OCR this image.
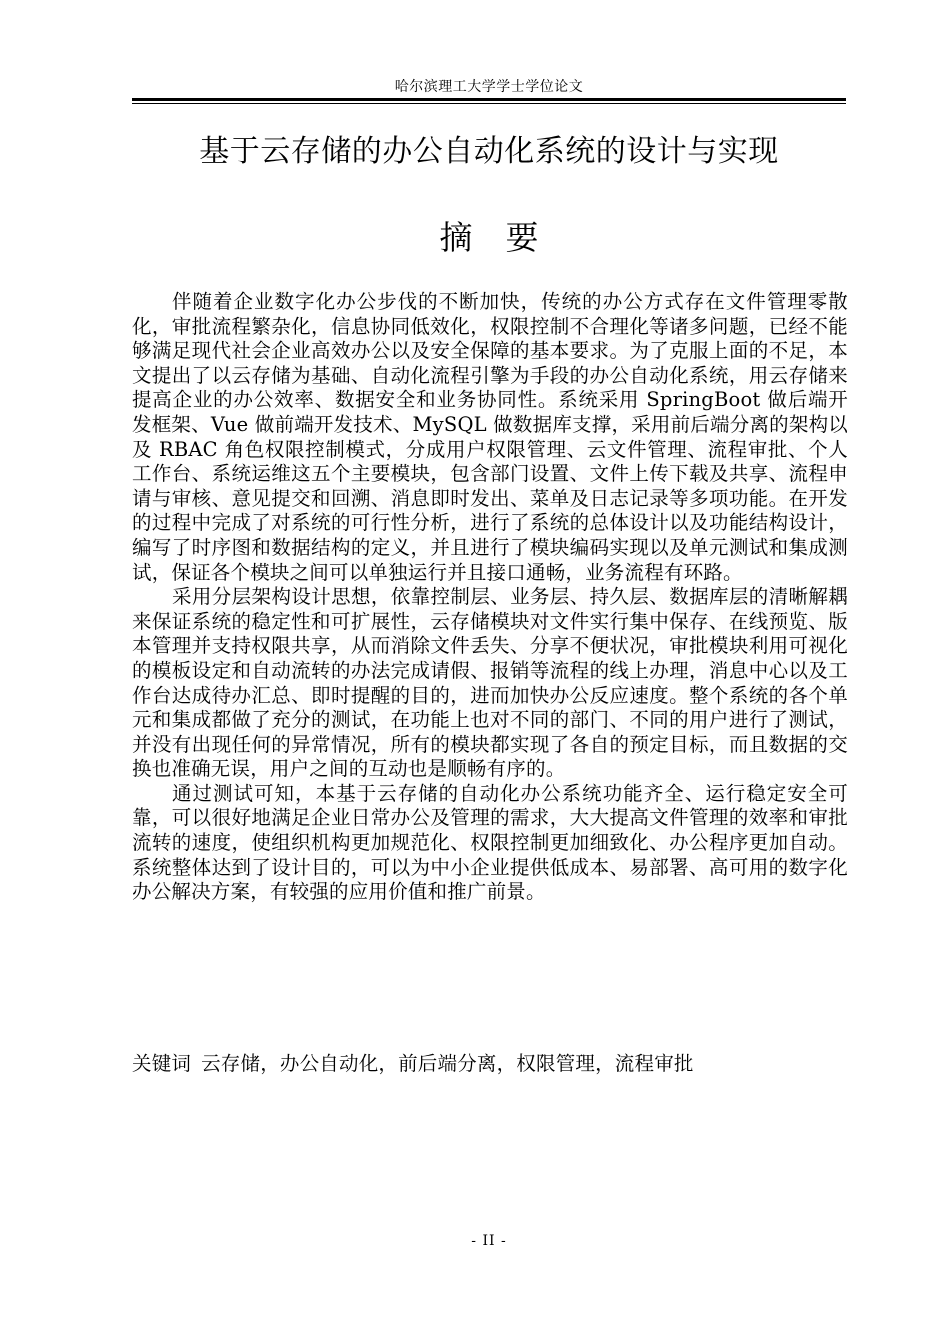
哈尔滨理工大学学士学位论文
基于云存储的办公自动化系统的设计与实现
摘　要

伴随着企业数字化办公步伐的不断加快，传统的办公方式存在文件管理零散化，审批流程繁杂化，信息协同低效化，权限控制不合理化等诸多问题，已经不能够满足现代社会企业高效办公以及安全保障的基本要求。为了克服上面的不足，本文提出了以云存储为基础、自动化流程引擎为手段的办公自动化系统，用云存储来提高企业的办公效率、数据安全和业务协同性。系统采用 SpringBoot 做后端开发框架、Vue 做前端开发技术、MySQL 做数据库支撑，采用前后端分离的架构以及 RBAC 角色权限控制模式，分成用户权限管理、云文件管理、流程审批、个人工作台、系统运维这五个主要模块，包含部门设置、文件上传下载及共享、流程申请与审核、意见提交和回溯、消息即时发出、菜单及日志记录等多项功能。在开发的过程中完成了对系统的可行性分析，进行了系统的总体设计以及功能结构设计，编写了时序图和数据结构的定义，并且进行了模块编码实现以及单元测试和集成测试，保证各个模块之间可以单独运行并且接口通畅，业务流程有环路。

采用分层架构设计思想，依靠控制层、业务层、持久层、数据库层的清晰解耦来保证系统的稳定性和可扩展性，云存储模块对文件实行集中保存、在线预览、版本管理并支持权限共享，从而消除文件丢失、分享不便状况，审批模块利用可视化的模板设定和自动流转的办法完成请假、报销等流程的线上办理，消息中心以及工作台达成待办汇总、即时提醒的目的，进而加快办公反应速度。整个系统的各个单元和集成都做了充分的测试，在功能上也对不同的部门、不同的用户进行了测试，并没有出现任何的异常情况，所有的模块都实现了各自的预定目标，而且数据的交换也准确无误，用户之间的互动也是顺畅有序的。

通过测试可知，本基于云存储的自动化办公系统功能齐全、运行稳定安全可靠，可以很好地满足企业日常办公及管理的需求，大大提高文件管理的效率和审批流转的速度，使组织机构更加规范化、权限控制更加细致化、办公程序更加自动。系统整体达到了设计目的，可以为中小企业提供低成本、易部署、高可用的数字化办公解决方案，有较强的应用价值和推广前景。

关键词 云存储，办公自动化，前后端分离，权限管理，流程审批
- II -
